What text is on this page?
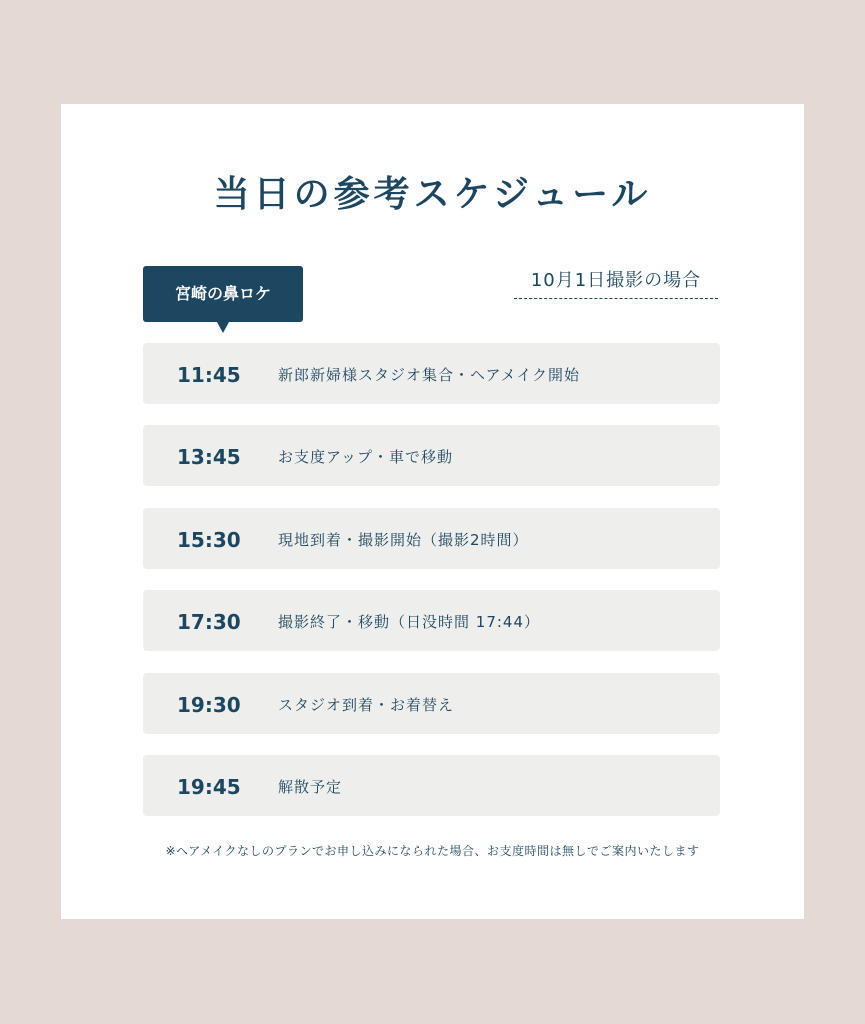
当日の参考スケジュール
宮崎の鼻ロケ
10月1日撮影の場合
11:45 新郎新婦様スタジオ集合・ヘアメイク開始
13:45 お支度アップ・車で移動
15:30 現地到着・撮影開始（撮影2時間）
17:30 撮影終了・移動（日没時間 17:44）
19:30 スタジオ到着・お着替え
19:45 解散予定
※ヘアメイクなしのプランでお申し込みになられた場合、お支度時間は無しでご案内いたします
